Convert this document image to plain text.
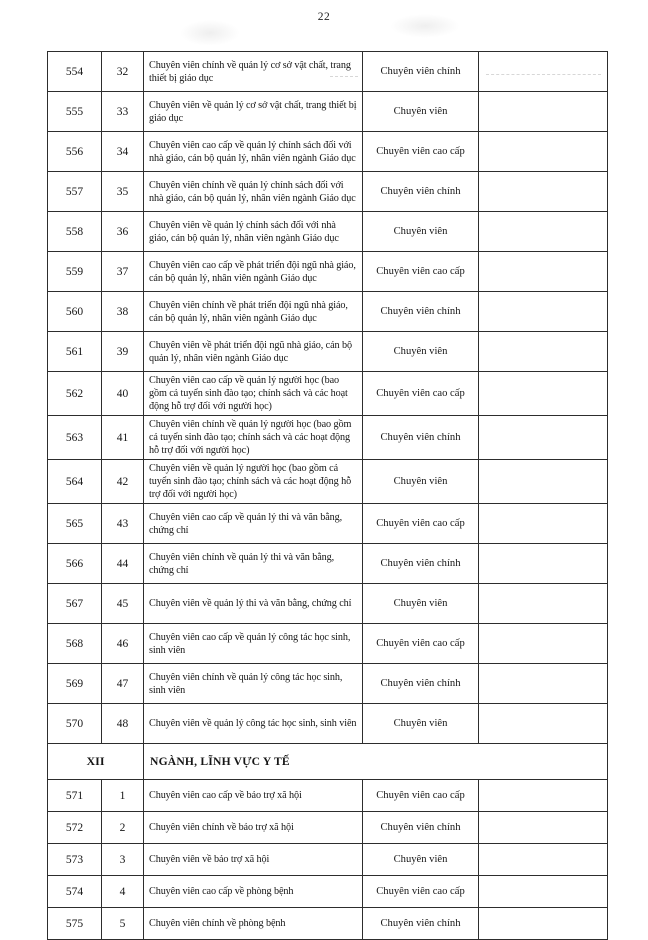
22
554	32	Chuyên viên chính về quản lý cơ sở vật chất, trang thiết bị giáo dục	Chuyên viên chính	
555	33	Chuyên viên về quản lý cơ sở vật chất, trang thiết bị giáo dục	Chuyên viên	
556	34	Chuyên viên cao cấp về quản lý chính sách đối với nhà giáo, cán bộ quản lý, nhân viên ngành Giáo dục	Chuyên viên cao cấp	
557	35	Chuyên viên chính về quản lý chính sách đối với nhà giáo, cán bộ quản lý, nhân viên ngành Giáo dục	Chuyên viên chính	
558	36	Chuyên viên về quản lý chính sách đối với nhà giáo, cán bộ quản lý, nhân viên ngành Giáo dục	Chuyên viên	
559	37	Chuyên viên cao cấp về phát triển đội ngũ nhà giáo, cán bộ quản lý, nhân viên ngành Giáo dục	Chuyên viên cao cấp	
560	38	Chuyên viên chính về phát triển đội ngũ nhà giáo, cán bộ quản lý, nhân viên ngành Giáo dục	Chuyên viên chính	
561	39	Chuyên viên về phát triển đội ngũ nhà giáo, cán bộ quản lý, nhân viên ngành Giáo dục	Chuyên viên	
562	40	Chuyên viên cao cấp về quản lý người học (bao gồm cả tuyển sinh đào tạo; chính sách và các hoạt động hỗ trợ đối với người học)	Chuyên viên cao cấp	
563	41	Chuyên viên chính về quản lý người học (bao gồm cả tuyển sinh đào tạo; chính sách và các hoạt động hỗ trợ đối với người học)	Chuyên viên chính	
564	42	Chuyên viên về quản lý người học (bao gồm cả tuyển sinh đào tạo; chính sách và các hoạt động hỗ trợ đối với người học)	Chuyên viên	
565	43	Chuyên viên cao cấp về quản lý thi và văn bằng, chứng chỉ	Chuyên viên cao cấp	
566	44	Chuyên viên chính về quản lý thi và văn bằng, chứng chỉ	Chuyên viên chính	
567	45	Chuyên viên về quản lý thi và văn bằng, chứng chỉ	Chuyên viên	
568	46	Chuyên viên cao cấp về quản lý công tác học sinh, sinh viên	Chuyên viên cao cấp	
569	47	Chuyên viên chính về quản lý công tác học sinh, sinh viên	Chuyên viên chính	
570	48	Chuyên viên về quản lý công tác học sinh, sinh viên	Chuyên viên	
XII		NGÀNH, LĨNH VỰC Y TẾ		
571	1	Chuyên viên cao cấp về bảo trợ xã hội	Chuyên viên cao cấp	
572	2	Chuyên viên chính về bảo trợ xã hội	Chuyên viên chính	
573	3	Chuyên viên về bảo trợ xã hội	Chuyên viên	
574	4	Chuyên viên cao cấp về phòng bệnh	Chuyên viên cao cấp	
575	5	Chuyên viên chính về phòng bệnh	Chuyên viên chính	
